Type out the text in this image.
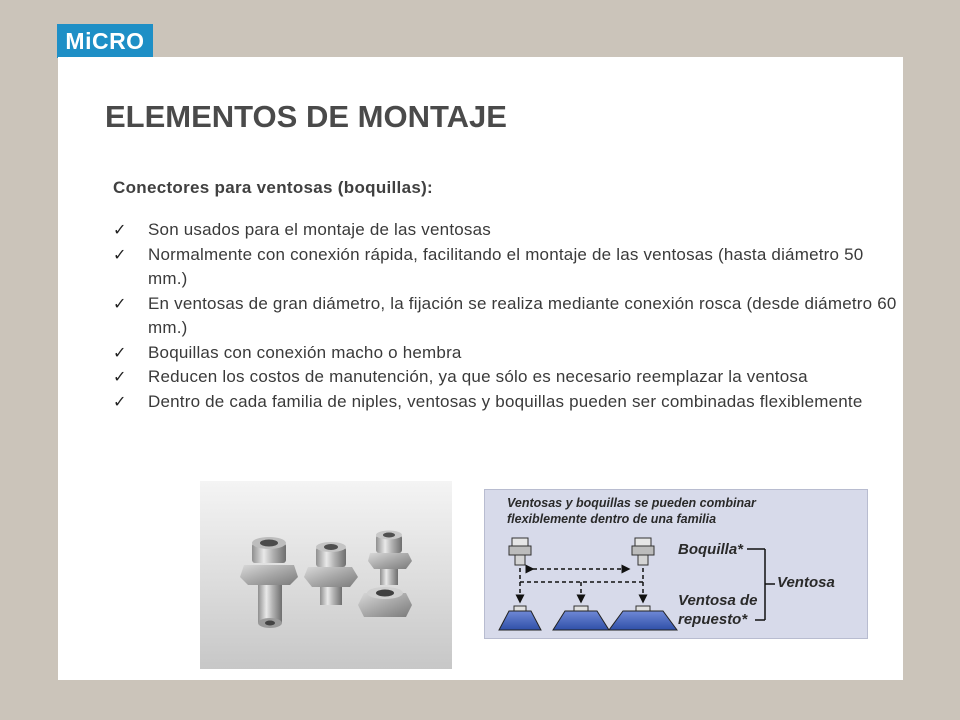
MiCRO
ELEMENTOS DE MONTAJE
Conectores para ventosas (boquillas):
✓ Son usados para el montaje de las ventosas
✓ Normalmente con conexión rápida, facilitando el montaje de las ventosas (hasta diámetro 50 mm.)
✓ En ventosas de gran diámetro, la fijación se realiza mediante conexión rosca (desde diámetro 60 mm.)
✓ Boquillas con conexión macho o hembra
✓ Reducen los costos de manutención, ya que sólo es necesario reemplazar la ventosa
✓ Dentro de cada familia de niples, ventosas y boquillas pueden ser combinadas flexiblemente
Ventosas y boquillas se pueden combinar
flexiblemente dentro de una familia
Boquilla*
Ventosa
Ventosa de
repuesto*
